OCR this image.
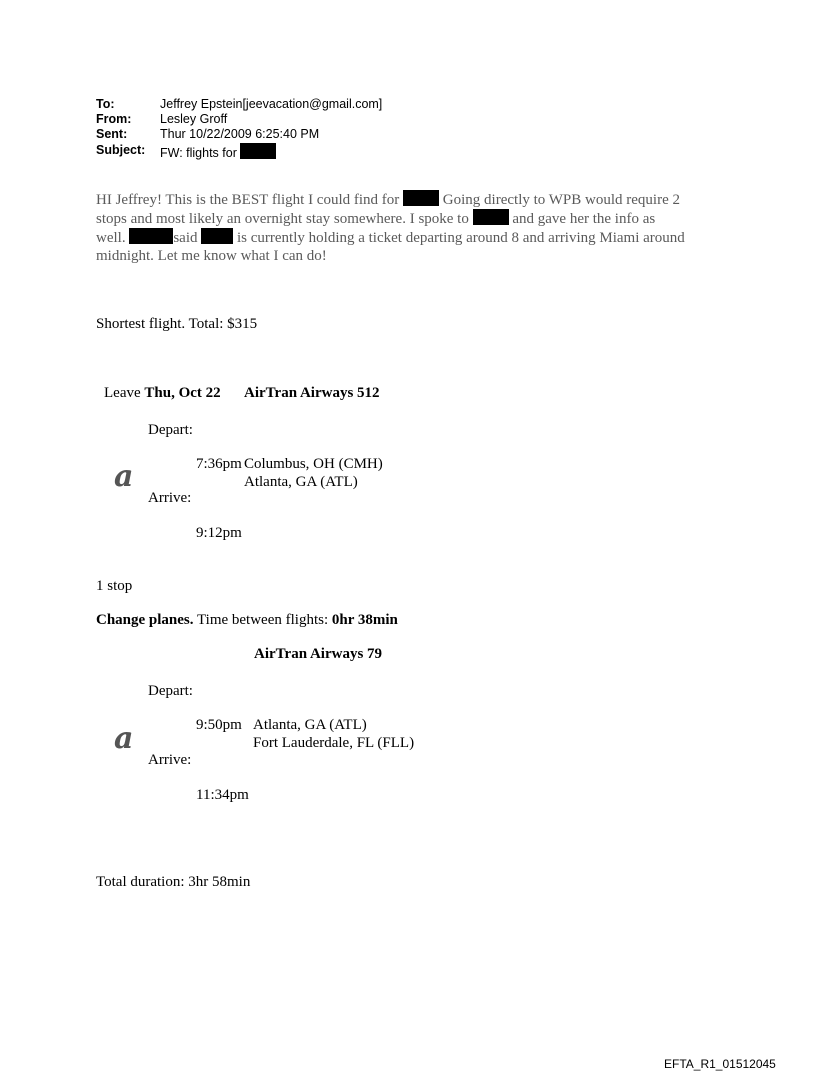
To:	Jeffrey Epstein[jeevacation@gmail.com]
From: Lesley Groff
Sent:	Thur 10/22/2009 6:25:40 PM
Subject: FW: flights for
HI Jeffrey! This is the BEST flight I could find for	Going directly to WPB would require 2
stops and most likely an overnight stay somewhere. I spoke to	and gave her the info as
well.	said	is currently holding a ticket departing around 8 and arriving Miami around
midnight. Let me know what I can do!
Shortest flight. Total: $315
Leave Thu, Oct 22 AirTran Airways 512
Depart:
7:36pm Columbus, OH (CMH)
a	Atlanta, GA (ATL)
Arrive:
9:12pm
1 stop
Change planes. Time between flights: 0hr 38min
AirTran Airways 79
Depart:
9:50pm Atlanta, GA (ATL)
a	Fort Lauderdale, FL (FLL)
Arrive:
11:34pm
Total duration: 3hr 58min
EFTA_R1_01512045
